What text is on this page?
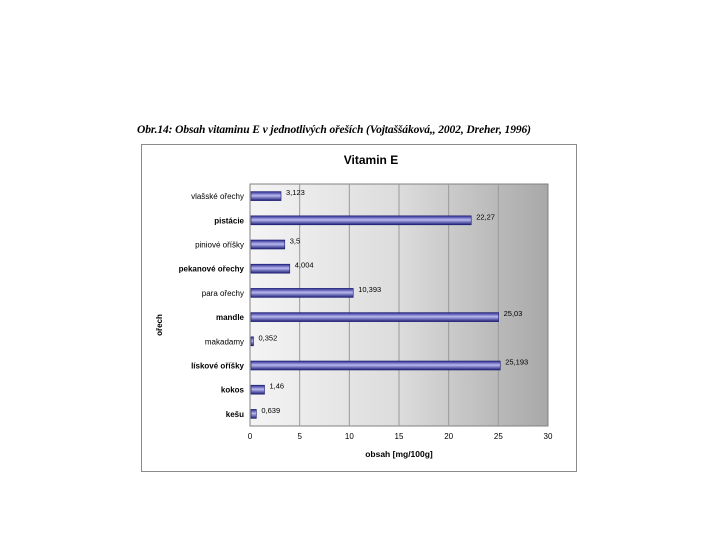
Obr.14: Obsah vitaminu E v jednotlivých ořeších (Vojtaššáková,, 2002, Dreher, 1996)
0	5	10	15	20	25	30
vlašské ořechy	3,123
pistácie	22,27
piniové oříšky	3,5
pekanové ořechy	4,004
para ořechy	10,393
mandle	25,03
makadamy 0,352
lískové oříšky	25,193
kokos	1,46
kešu 0,639
Vitamin E
obsah [mg/100g]
ořech
